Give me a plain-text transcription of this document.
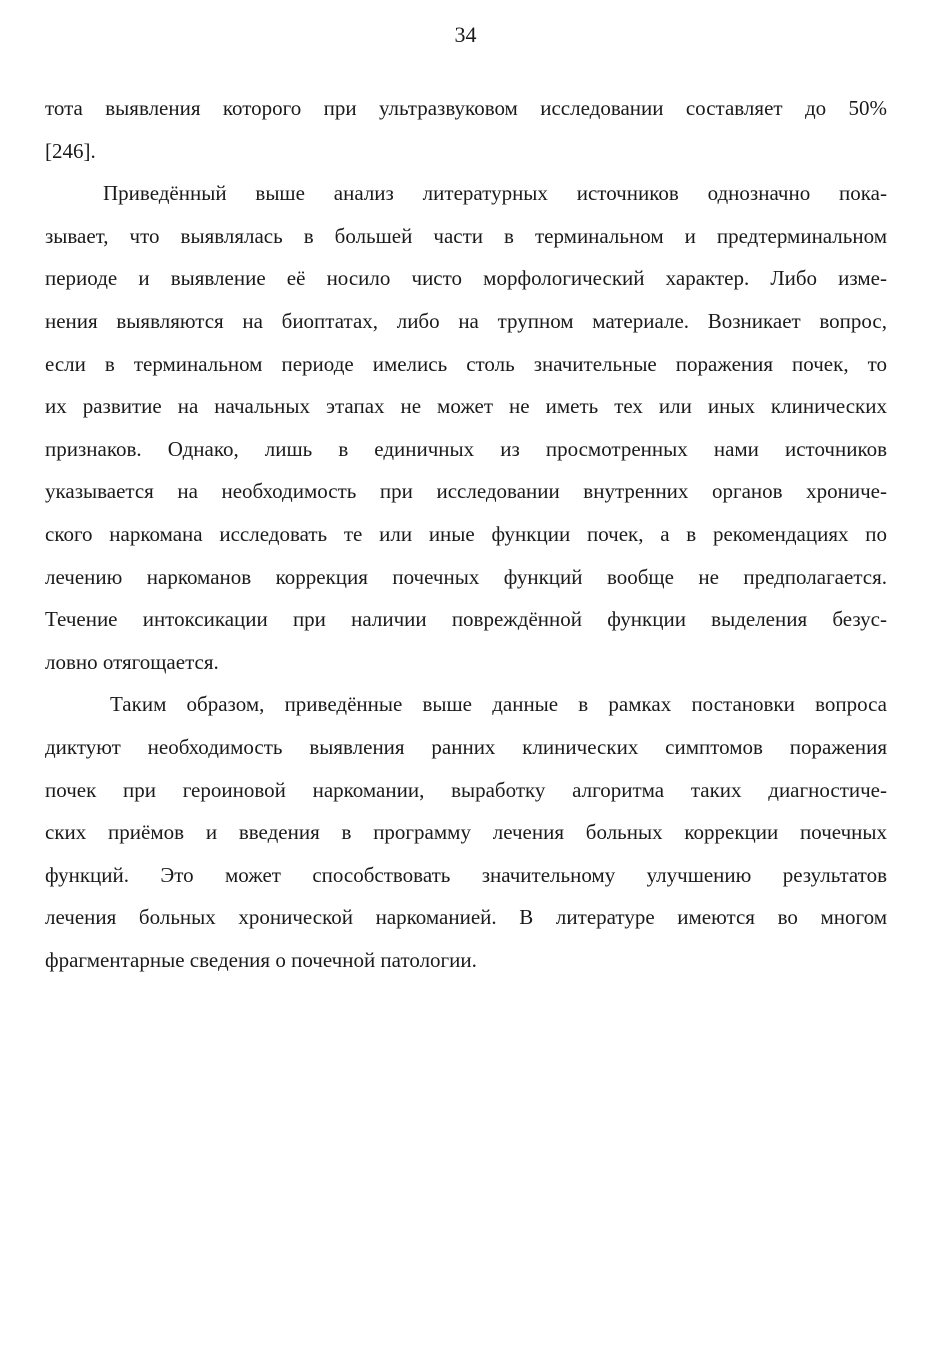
34

тота выявления которого при ультразвуковом исследовании составляет до 50%
[246].

Приведённый выше анализ литературных источников однозначно пока-
зывает, что выявлялась в большей части в терминальном и предтерминальном
периоде и выявление её носило чисто морфологический характер. Либо изме-
нения выявляются на биоптатах, либо на трупном материале. Возникает вопрос,
если в терминальном периоде имелись столь значительные поражения почек, то
их развитие на начальных этапах не может не иметь тех или иных клинических
признаков. Однако, лишь в единичных из просмотренных нами источников
указывается на необходимость при исследовании внутренних органов хрониче-
ского наркомана исследовать те или иные функции почек, а в рекомендациях по
лечению наркоманов коррекция почечных функций вообще не предполагается.
Течение интоксикации при наличии повреждённой функции выделения безус-
ловно отягощается.

Таким образом, приведённые выше данные в рамках постановки вопроса
диктуют необходимость выявления ранних клинических симптомов поражения
почек при героиновой наркомании, выработку алгоритма таких диагностиче-
ских приёмов и введения в программу лечения больных коррекции почечных
функций. Это может способствовать значительному улучшению результатов
лечения больных хронической наркоманией. В литературе имеются во многом
фрагментарные сведения о почечной патологии.
